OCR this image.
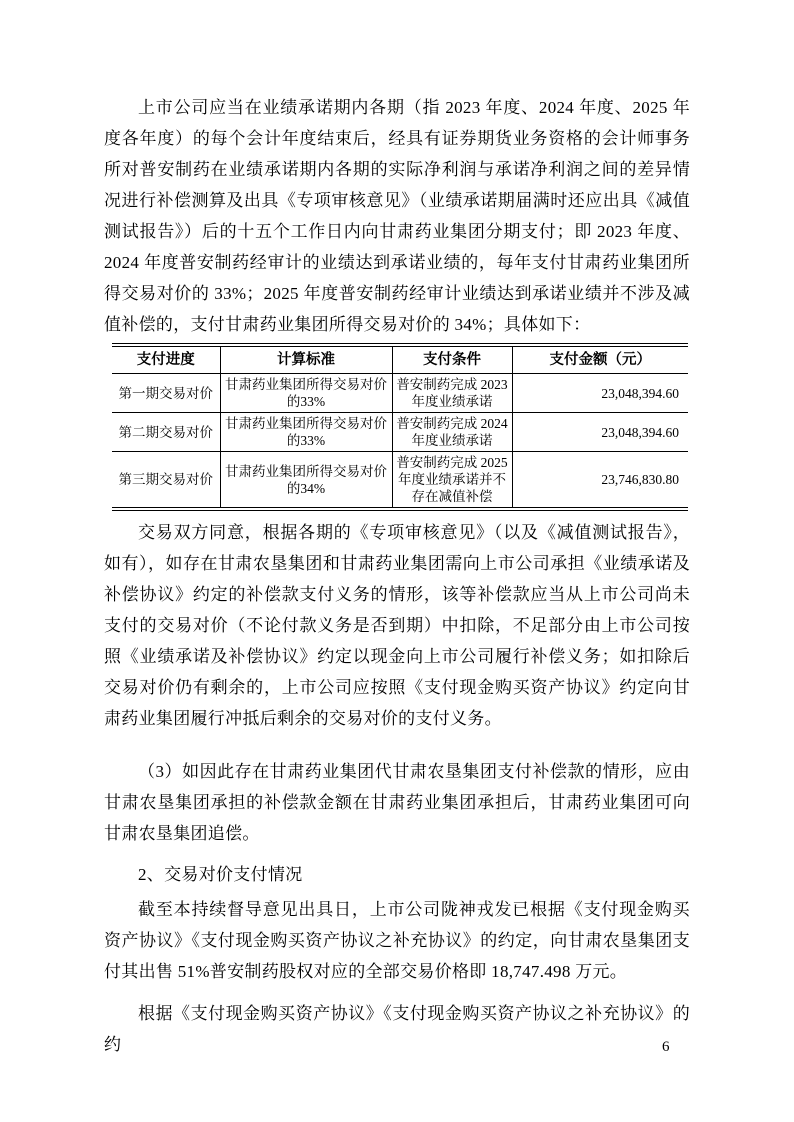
上市公司应当在业绩承诺期内各期（指 2023 年度、2024 年度、2025 年度各年度）的每个会计年度结束后，经具有证券期货业务资格的会计师事务所对普安制药在业绩承诺期内各期的实际净利润与承诺净利润之间的差异情况进行补偿测算及出具《专项审核意见》（业绩承诺期届满时还应出具《减值测试报告》）后的十五个工作日内向甘肃药业集团分期支付；即 2023 年度、2024 年度普安制药经审计的业绩达到承诺业绩的，每年支付甘肃药业集团所得交易对价的 33%；2025 年度普安制药经审计业绩达到承诺业绩并不涉及减值补偿的，支付甘肃药业集团所得交易对价的 34%；具体如下：

支付进度	计算标准	支付条件	支付金额（元）
第一期交易对价	甘肃药业集团所得交易对价的33%	普安制药完成 2023 年度业绩承诺	23,048,394.60
第二期交易对价	甘肃药业集团所得交易对价的33%	普安制药完成 2024 年度业绩承诺	23,048,394.60
第三期交易对价	甘肃药业集团所得交易对价的34%	普安制药完成 2025 年度业绩承诺并不存在减值补偿	23,746,830.80

交易双方同意，根据各期的《专项审核意见》（以及《减值测试报告》，如有），如存在甘肃农垦集团和甘肃药业集团需向上市公司承担《业绩承诺及补偿协议》约定的补偿款支付义务的情形，该等补偿款应当从上市公司尚未支付的交易对价（不论付款义务是否到期）中扣除，不足部分由上市公司按照《业绩承诺及补偿协议》约定以现金向上市公司履行补偿义务；如扣除后交易对价仍有剩余的，上市公司应按照《支付现金购买资产协议》约定向甘肃药业集团履行冲抵后剩余的交易对价的支付义务。

（3）如因此存在甘肃药业集团代甘肃农垦集团支付补偿款的情形，应由甘肃农垦集团承担的补偿款金额在甘肃药业集团承担后，甘肃药业集团可向甘肃农垦集团追偿。

2、交易对价支付情况

截至本持续督导意见出具日，上市公司陇神戎发已根据《支付现金购买资产协议》《支付现金购买资产协议之补充协议》的约定，向甘肃农垦集团支付其出售 51%普安制药股权对应的全部交易价格即 18,747.498 万元。

根据《支付现金购买资产协议》《支付现金购买资产协议之补充协议》的约	6
